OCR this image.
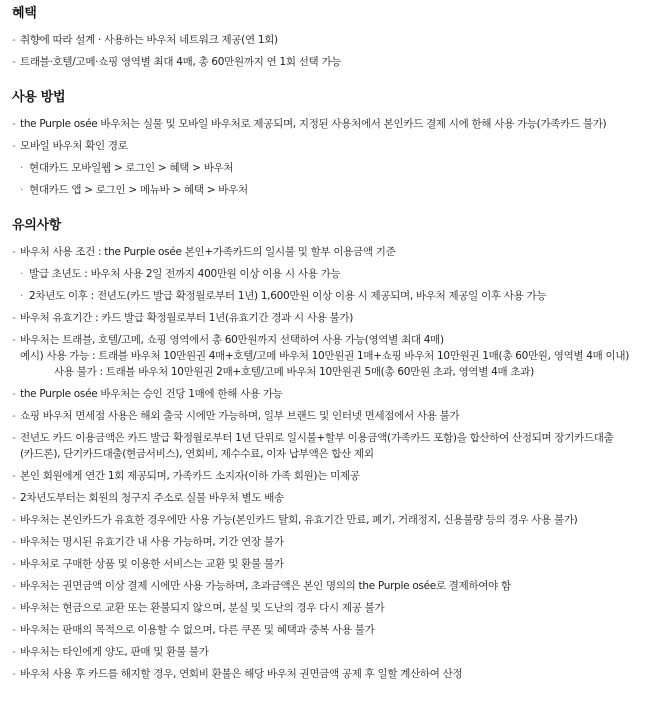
혜택
- 취향에 따라 설계 · 사용하는 바우처 네트워크 제공(연 1회)
- 트래블·호텔/고메·쇼핑 영역별 최대 4매, 총 60만원까지 연 1회 선택 가능
사용 방법
- the Purple osée 바우처는 실물 및 모바일 바우처로 제공되며, 지정된 사용처에서 본인카드 결제 시에 한해 사용 가능(가족카드 불가)
- 모바일 바우처 확인 경로
· 현대카드 모바일웹 > 로그인 > 혜택 > 바우처
· 현대카드 앱 > 로그인 > 메뉴바 > 혜택 > 바우처
유의사항
- 바우처 사용 조건 : the Purple osée 본인+가족카드의 일시불 및 할부 이용금액 기준
· 발급 초년도 : 바우처 사용 2일 전까지 400만원 이상 이용 시 사용 가능
· 2차년도 이후 : 전년도(카드 발급 확정월로부터 1년) 1,600만원 이상 이용 시 제공되며, 바우처 제공일 이후 사용 가능
- 바우처 유효기간 : 카드 발급 확정월로부터 1년(유효기간 경과 시 사용 불가)
- 바우처는 트래블, 호텔/고메, 쇼핑 영역에서 총 60만원까지 선택하여 사용 가능(영역별 최대 4매)
예시) 사용 가능 : 트래블 바우처 10만원권 4매+호텔/고메 바우처 10만원권 1매+쇼핑 바우처 10만원권 1매(총 60만원, 영역별 4매 이내)
사용 불가 : 트래블 바우처 10만원권 2매+호텔/고메 바우처 10만원권 5매(총 60만원 초과, 영역별 4매 초과)
- the Purple osée 바우처는 승인 건당 1매에 한해 사용 가능
- 쇼핑 바우처 면세점 사용은 해외 출국 시에만 가능하며, 일부 브랜드 및 인터넷 면세점에서 사용 불가
- 전년도 카드 이용금액은 카드 발급 확정월로부터 1년 단위로 일시불+할부 이용금액(가족카드 포함)을 합산하여 산정되며 장기카드대출
(카드론), 단기카드대출(현금서비스), 연회비, 제수수료, 이자 납부액은 합산 제외
- 본인 회원에게 연간 1회 제공되며, 가족카드 소지자(이하 가족 회원)는 미제공
- 2차년도부터는 회원의 청구지 주소로 실물 바우처 별도 배송
- 바우처는 본인카드가 유효한 경우에만 사용 가능(본인카드 탈회, 유효기간 만료, 폐기, 거래정지, 신용불량 등의 경우 사용 불가)
- 바우처는 명시된 유효기간 내 사용 가능하며, 기간 연장 불가
- 바우처로 구매한 상품 및 이용한 서비스는 교환 및 환불 불가
- 바우처는 권면금액 이상 결제 시에만 사용 가능하며, 초과금액은 본인 명의의 the Purple osée로 결제하여야 함
- 바우처는 현금으로 교환 또는 환불되지 않으며, 분실 및 도난의 경우 다시 제공 불가
- 바우처는 판매의 목적으로 이용할 수 없으며, 다른 쿠폰 및 혜택과 중복 사용 불가
- 바우처는 타인에게 양도, 판매 및 환불 불가
- 바우처 사용 후 카드를 해지할 경우, 연회비 환불은 해당 바우처 권면금액 공제 후 일할 계산하여 산정
